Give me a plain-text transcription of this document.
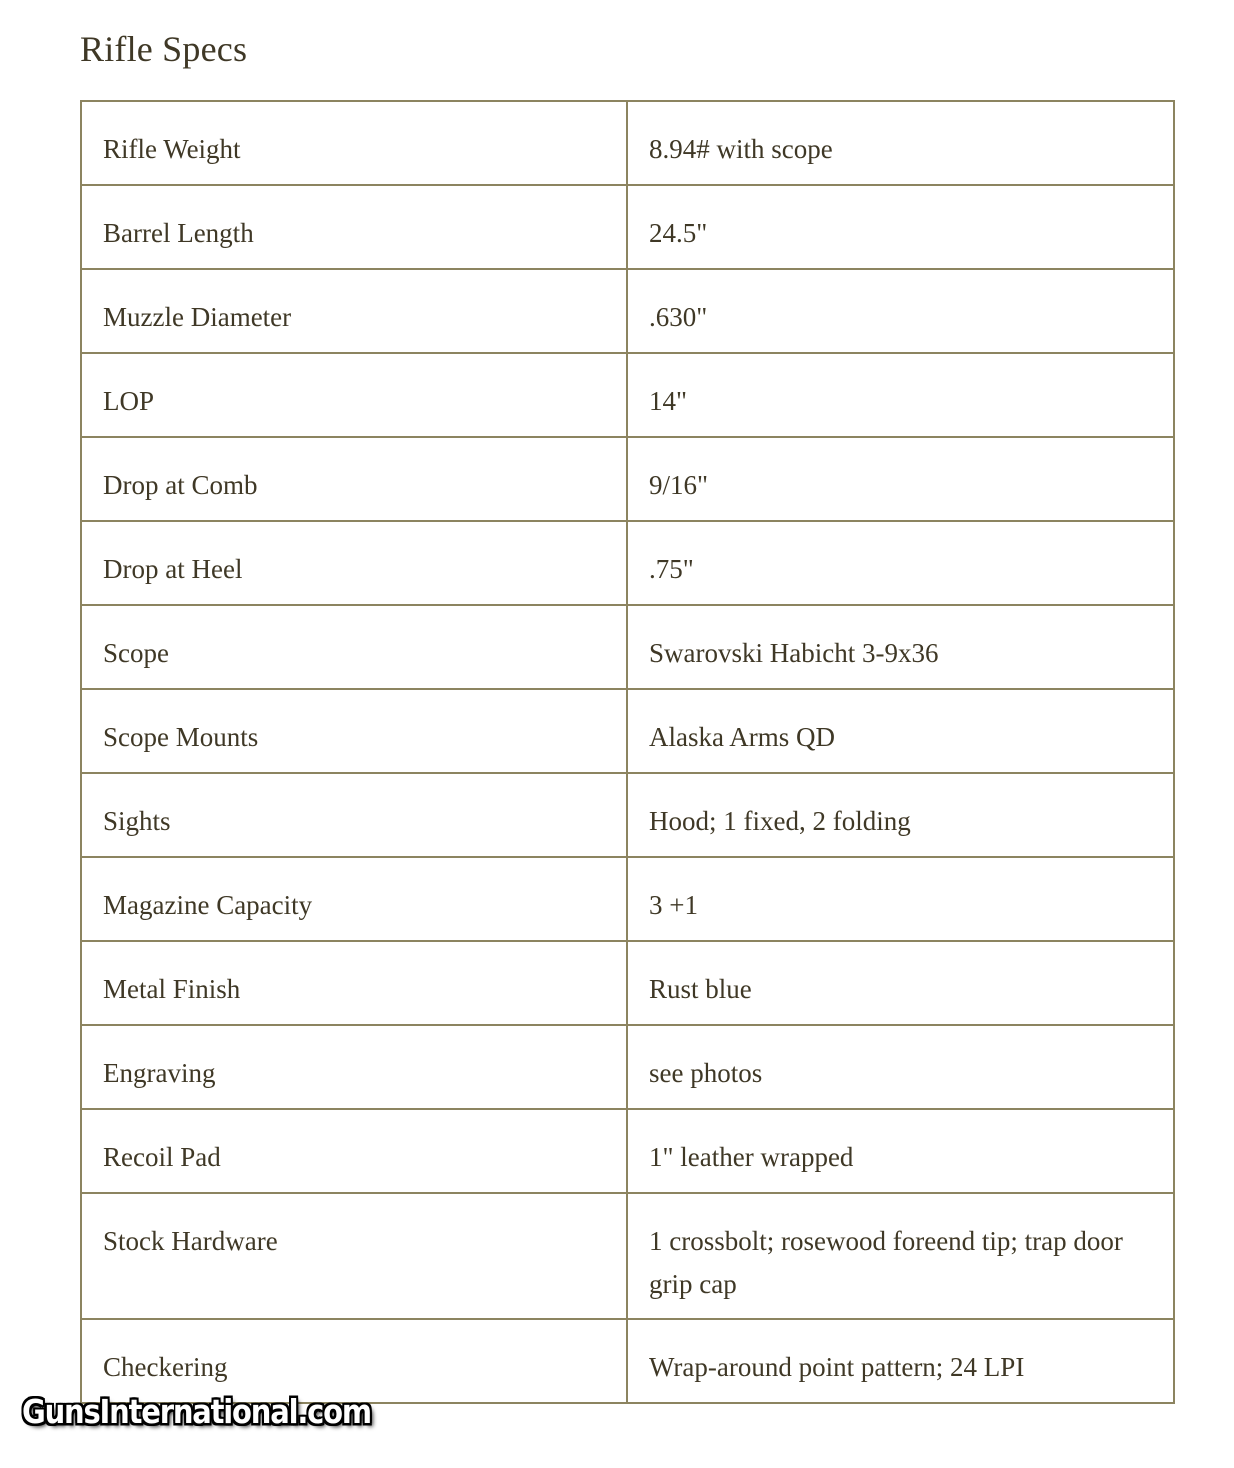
Rifle Specs
Rifle Weight	8.94# with scope
Barrel Length	24.5"
Muzzle Diameter	.630"
LOP	14"
Drop at Comb	9/16"
Drop at Heel	.75"
Scope	Swarovski Habicht 3-9x36
Scope Mounts	Alaska Arms QD
Sights	Hood; 1 fixed, 2 folding
Magazine Capacity	3 +1
Metal Finish	Rust blue
Engraving	see photos
Recoil Pad	1" leather wrapped
Stock Hardware	1 crossbolt; rosewood foreend tip; trap door grip cap
Checkering	Wrap-around point pattern; 24 LPI
GunsInternational.com
